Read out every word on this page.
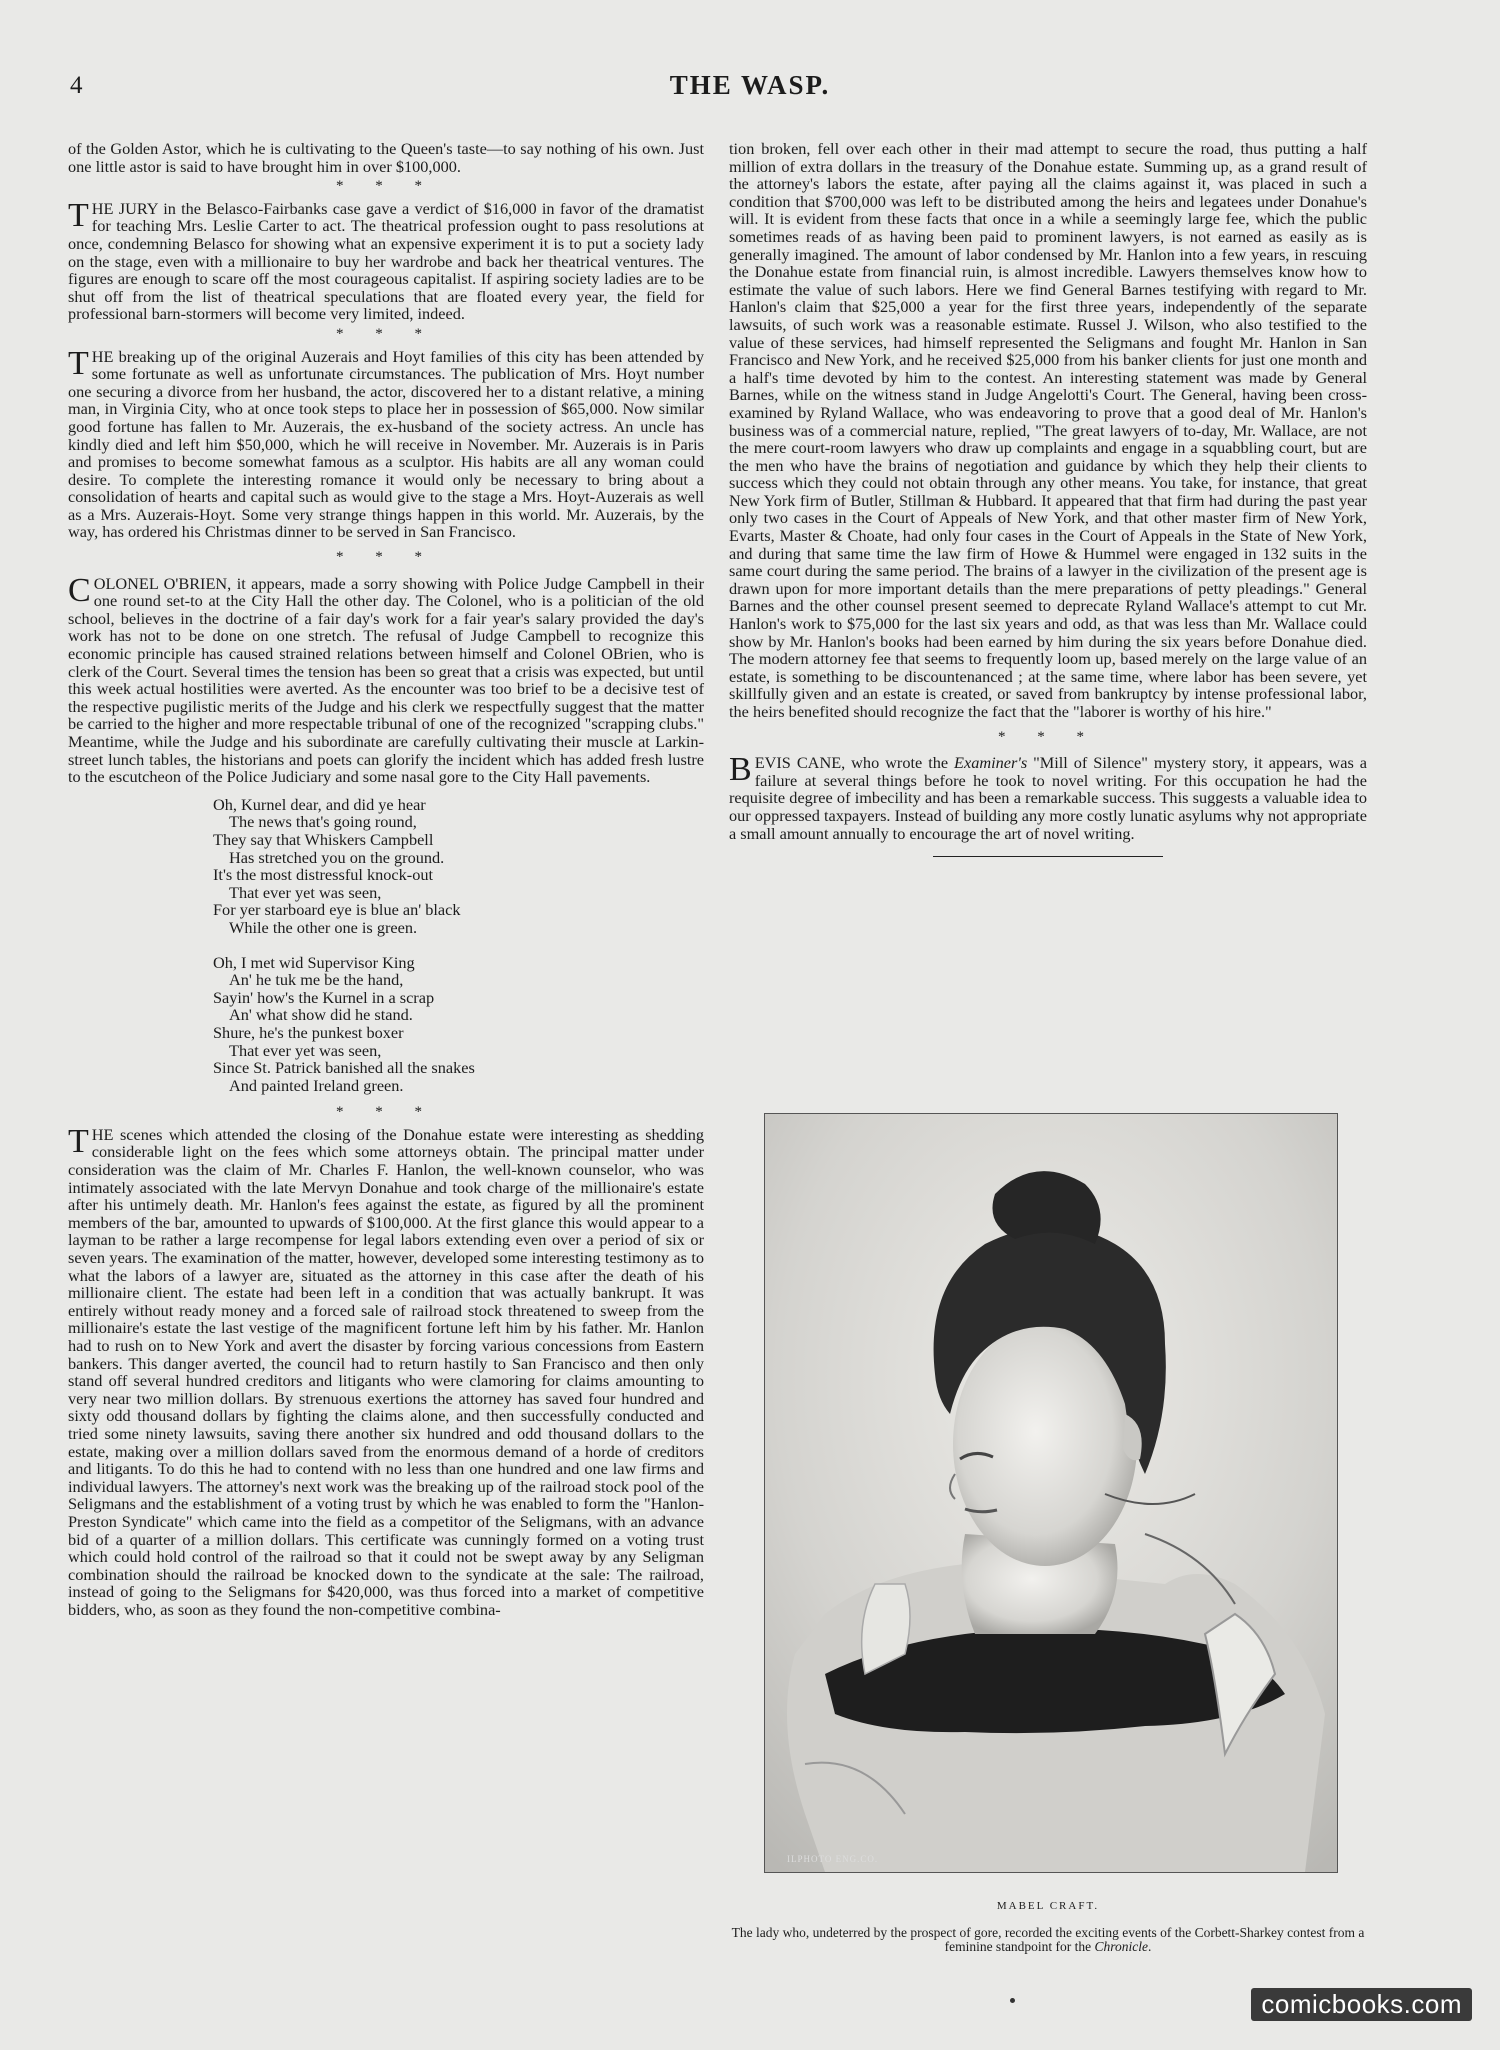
4	THE WASP.

of the Golden Astor, which he is cultivating to the Queen's taste—to say nothing of his own. Just one little astor is said to have brought him in over $100,000.

* * *

THE JURY in the Belasco-Fairbanks case gave a verdict of $16,000 in favor of the dramatist for teaching Mrs. Leslie Carter to act. The theatrical profession ought to pass resolutions at once, condemning Belasco for showing what an expensive experiment it is to put a society lady on the stage, even with a millionaire to buy her wardrobe and back her theatrical ventures. The figures are enough to scare off the most courageous capitalist. If aspiring society ladies are to be shut off from the list of theatrical speculations that are floated every year, the field for professional barn-stormers will become very limited, indeed.

* * *

THE breaking up of the original Auzerais and Hoyt families of this city has been attended by some fortunate as well as unfortunate circumstances. The publication of Mrs. Hoyt number one securing a divorce from her husband, the actor, discovered her to a distant relative, a mining man, in Virginia City, who at once took steps to place her in possession of $65,000. Now similar good fortune has fallen to Mr. Auzerais, the ex-husband of the society actress. An uncle has kindly died and left him $50,000, which he will receive in November. Mr. Auzerais is in Paris and promises to become somewhat famous as a sculptor. His habits are all any woman could desire. To complete the interesting romance it would only be necessary to bring about a consolidation of hearts and capital such as would give to the stage a Mrs. Hoyt-Auzerais as well as a Mrs. Auzerais-Hoyt. Some very strange things happen in this world. Mr. Auzerais, by the way, has ordered his Christmas dinner to be served in San Francisco.

* * *

COLONEL O'BRIEN, it appears, made a sorry showing with Police Judge Campbell in their one round set-to at the City Hall the other day. The Colonel, who is a politician of the old school, believes in the doctrine of a fair day's work for a fair year's salary provided the day's work has not to be done on one stretch. The refusal of Judge Campbell to recognize this economic principle has caused strained relations between himself and Colonel OBrien, who is clerk of the Court. Several times the tension has been so great that a crisis was expected, but until this week actual hostilities were averted. As the encounter was too brief to be a decisive test of the respective pugilistic merits of the Judge and his clerk we respectfully suggest that the matter be carried to the higher and more respectable tribunal of one of the recognized "scrapping clubs." Meantime, while the Judge and his subordinate are carefully cultivating their muscle at Larkin-street lunch tables, the historians and poets can glorify the incident which has added fresh lustre to the escutcheon of the Police Judiciary and some nasal gore to the City Hall pavements.

Oh, Kurnel dear, and did ye hear
The news that's going round,
They say that Whiskers Campbell
Has stretched you on the ground.
It's the most distressful knock-out
That ever yet was seen,
For yer starboard eye is blue an' black
While the other one is green.
Oh, I met wid Supervisor King
An' he tuk me be the hand,
Sayin' how's the Kurnel in a scrap
An' what show did he stand.
Shure, he's the punkest boxer
That ever yet was seen,
Since St. Patrick banished all the snakes
And painted Ireland green.
* * *

THE scenes which attended the closing of the Donahue estate were interesting as shedding considerable light on the fees which some attorneys obtain. The principal matter under consideration was the claim of Mr. Charles F. Hanlon, the well-known counselor, who was intimately associated with the late Mervyn Donahue and took charge of the millionaire's estate after his untimely death. Mr. Hanlon's fees against the estate, as figured by all the prominent members of the bar, amounted to upwards of $100,000. At the first glance this would appear to a layman to be rather a large recompense for legal labors extending even over a period of six or seven years. The examination of the matter, however, developed some interesting testimony as to what the labors of a lawyer are, situated as the attorney in this case after the death of his millionaire client. The estate had been left in a condition that was actually bankrupt. It was entirely without ready money and a forced sale of railroad stock threatened to sweep from the millionaire's estate the last vestige of the magnificent fortune left him by his father. Mr. Hanlon had to rush on to New York and avert the disaster by forcing various concessions from Eastern bankers. This danger averted, the council had to return hastily to San Francisco and then only stand off several hundred creditors and litigants who were clamoring for claims amounting to very near two million dollars. By strenuous exertions the attorney has saved four hundred and sixty odd thousand dollars by fighting the claims alone, and then successfully conducted and tried some ninety lawsuits, saving there another six hundred and odd thousand dollars to the estate, making over a million dollars saved from the enormous demand of a horde of creditors and litigants. To do this he had to contend with no less than one hundred and one law firms and individual lawyers. The attorney's next work was the breaking up of the railroad stock pool of the Seligmans and the establishment of a voting trust by which he was enabled to form the "Hanlon-Preston Syndicate" which came into the field as a competitor of the Seligmans, with an advance bid of a quarter of a million dollars. This certificate was cunningly formed on a voting trust which could hold control of the railroad so that it could not be swept away by any Seligman combination should the railroad be knocked down to the syndicate at the sale: The railroad, instead of going to the Seligmans for $420,000, was thus forced into a market of competitive bidders, who, as soon as they found the non-competitive combina-

tion broken, fell over each other in their mad attempt to secure the road, thus putting a half million of extra dollars in the treasury of the Donahue estate. Summing up, as a grand result of the attorney's labors the estate, after paying all the claims against it, was placed in such a condition that $700,000 was left to be distributed among the heirs and legatees under Donahue's will. It is evident from these facts that once in a while a seemingly large fee, which the public sometimes reads of as having been paid to prominent lawyers, is not earned as easily as is generally imagined. The amount of labor condensed by Mr. Hanlon into a few years, in rescuing the Donahue estate from financial ruin, is almost incredible. Lawyers themselves know how to estimate the value of such labors. Here we find General Barnes testifying with regard to Mr. Hanlon's claim that $25,000 a year for the first three years, independently of the separate lawsuits, of such work was a reasonable estimate. Russel J. Wilson, who also testified to the value of these services, had himself represented the Seligmans and fought Mr. Hanlon in San Francisco and New York, and he received $25,000 from his banker clients for just one month and a half's time devoted by him to the contest. An interesting statement was made by General Barnes, while on the witness stand in Judge Angelotti's Court. The General, having been cross-examined by Ryland Wallace, who was endeavoring to prove that a good deal of Mr. Hanlon's business was of a commercial nature, replied, "The great lawyers of to-day, Mr. Wallace, are not the mere court-room lawyers who draw up complaints and engage in a squabbling court, but are the men who have the brains of negotiation and guidance by which they help their clients to success which they could not obtain through any other means. You take, for instance, that great New York firm of Butler, Stillman & Hubbard. It appeared that that firm had during the past year only two cases in the Court of Appeals of New York, and that other master firm of New York, Evarts, Master & Choate, had only four cases in the Court of Appeals in the State of New York, and during that same time the law firm of Howe & Hummel were engaged in 132 suits in the same court during the same period. The brains of a lawyer in the civilization of the present age is drawn upon for more important details than the mere preparations of petty pleadings." General Barnes and the other counsel present seemed to deprecate Ryland Wallace's attempt to cut Mr. Hanlon's work to $75,000 for the last six years and odd, as that was less than Mr. Wallace could show by Mr. Hanlon's books had been earned by him during the six years before Donahue died. The modern attorney fee that seems to frequently loom up, based merely on the large value of an estate, is something to be discountenanced ; at the same time, where labor has been severe, yet skillfully given and an estate is created, or saved from bankruptcy by intense professional labor, the heirs benefited should recognize the fact that the "laborer is worthy of his hire."

* * *

BEVIS CANE, who wrote the Examiner's "Mill of Silence" mystery story, it appears, was a failure at several things before he took to novel writing. For this occupation he had the requisite degree of imbecility and has been a remarkable success. This suggests a valuable idea to our oppressed taxpayers. Instead of building any more costly lunatic asylums why not appropriate a small amount annually to encourage the art of novel writing.

ILPHOTO ENG.CO.
MABEL CRAFT.
The lady who, undeterred by the prospect of gore, recorded the exciting events of the Corbett-Sharkey contest from a feminine standpoint for the Chronicle.
comicbooks.com
